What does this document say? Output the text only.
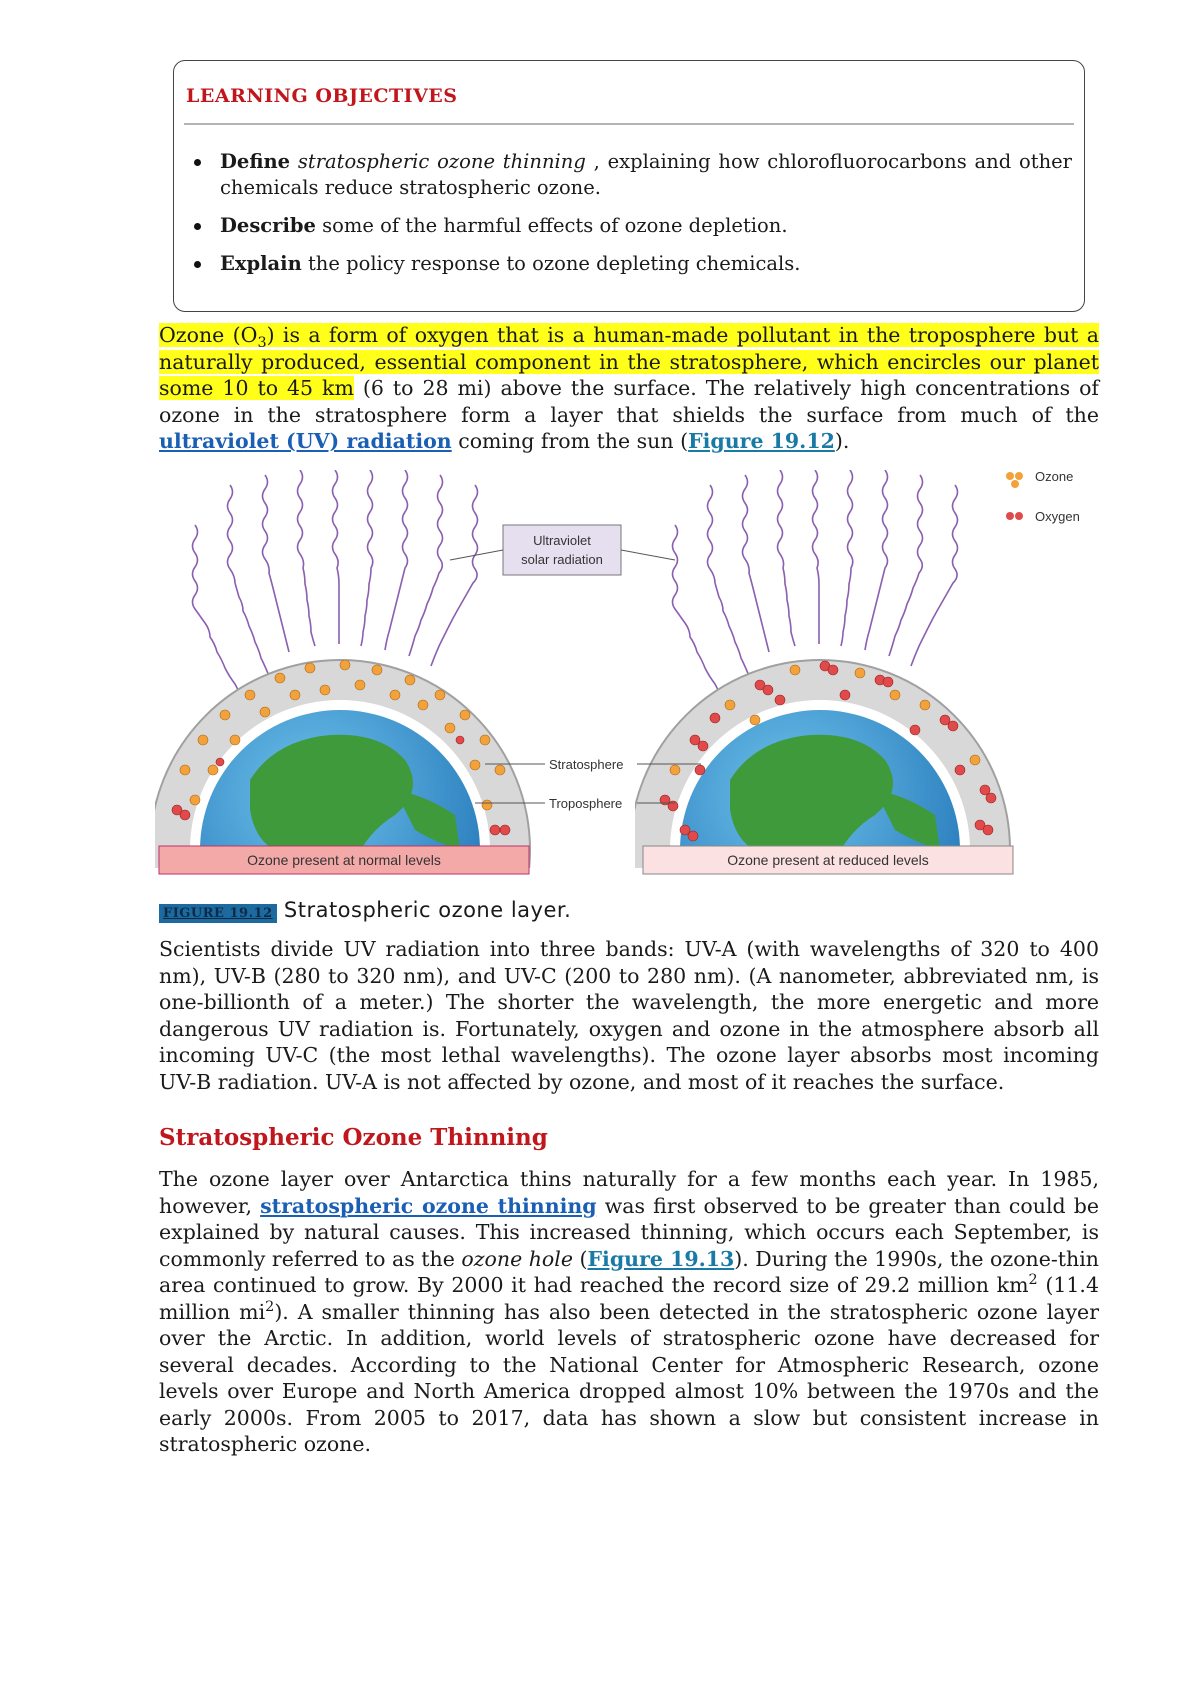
LEARNING OBJECTIVES
Define stratospheric ozone thinning , explaining how chlorofluorocarbons and other chemicals reduce stratospheric ozone.
Describe some of the harmful effects of ozone depletion.
Explain the policy response to ozone depleting chemicals.

Ozone $(O_3)$ is a form of oxygen that is a human-made pollutant in the troposphere but a naturally produced, essential component in the stratosphere, which encircles our planet some 10 to 45 km (6 to 28 mi) above the surface. The relatively high concentrations of ozone in the stratosphere form a layer that shields the surface from much of the ultraviolet (UV) radiation coming from the sun (Figure 19.12).

Ozone
Oxygen
Ultraviolet
solar radiation
Stratosphere
Troposphere
Ozone present at normal levels	Ozone present at reduced levels
FIGURE 19.12 Stratospheric ozone layer.

Scientists divide UV radiation into three bands: UV-A (with wavelengths of 320 to 400 nm), UV-B (280 to 320 nm), and UV-C (200 to 280 nm). (A nanometer, abbreviated nm, is one-billionth of a meter.) The shorter the wavelength, the more energetic and more dangerous UV radiation is. Fortunately, oxygen and ozone in the atmosphere absorb all incoming UV-C (the most lethal wavelengths). The ozone layer absorbs most incoming UV-B radiation. UV-A is not affected by ozone, and most of it reaches the surface.

Stratospheric Ozone Thinning

The ozone layer over Antarctica thins naturally for a few months each year. In 1985, however, stratospheric ozone thinning was first observed to be greater than could be explained by natural causes. This increased thinning, which occurs each September, is commonly referred to as the ozone hole (Figure 19.13). During the 1990s, the ozone-thin area continued to grow. By 2000 it had reached the record size of 29.2 million $km^2$ (11.4 million $mi^2$). A smaller thinning has also been detected in the stratospheric ozone layer over the Arctic. In addition, world levels of stratospheric ozone have decreased for several decades. According to the National Center for Atmospheric Research, ozone levels over Europe and North America dropped almost 10% between the 1970s and the early 2000s. From 2005 to 2017, data has shown a slow but consistent increase in stratospheric ozone.
